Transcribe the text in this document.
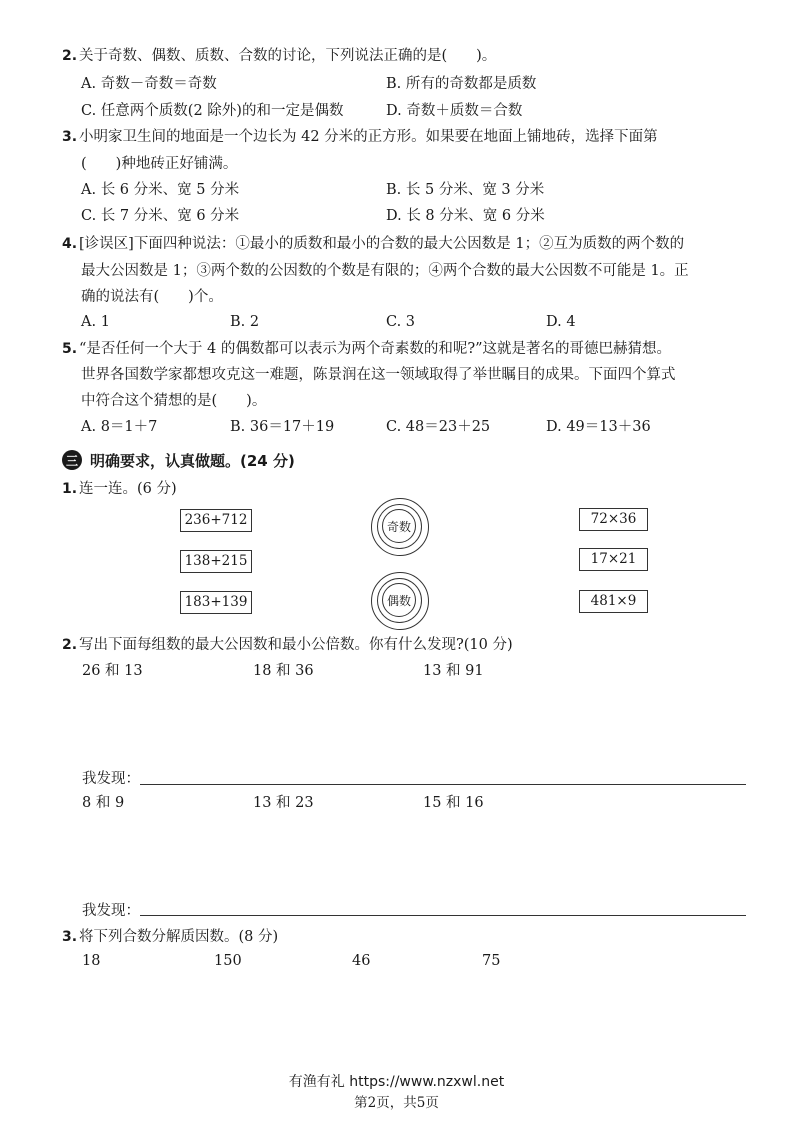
2. 关于奇数、偶数、质数、合数的讨论，下列说法正确的是(　　)。
A. 奇数－奇数＝奇数	B. 所有的奇数都是质数
C. 任意两个质数(2 除外)的和一定是偶数	D. 奇数＋质数＝合数
3. 小明家卫生间的地面是一个边长为 42 分米的正方形。如果要在地面上铺地砖，选择下面第
(　　)种地砖正好铺满。
A. 长 6 分米、宽 5 分米	B. 长 5 分米、宽 3 分米
C. 长 7 分米、宽 6 分米	D. 长 8 分米、宽 6 分米
4. [诊误区]下面四种说法：①最小的质数和最小的合数的最大公因数是 1；②互为质数的两个数的
最大公因数是 1；③两个数的公因数的个数是有限的；④两个合数的最大公因数不可能是 1。正
确的说法有(　　)个。
A. 1	B. 2	C. 3	D. 4
5. “是否任何一个大于 4 的偶数都可以表示为两个奇素数的和呢?”这就是著名的哥德巴赫猜想。
世界各国数学家都想攻克这一难题，陈景润在这一领域取得了举世瞩目的成果。下面四个算式
中符合这个猜想的是(　　)。
A. 8＝1＋7	B. 36＝17＋19	C. 48＝23＋25	D. 49＝13＋36
三 明确要求，认真做题。(24 分)
1. 连一连。(6 分)
236+712
138+215
183+139
奇数
偶数
72×36
17×21
481×9
2. 写出下面每组数的最大公因数和最小公倍数。你有什么发现?(10 分)
26 和 13	18 和 36	13 和 91
我发现：
8 和 9	13 和 23	15 和 16
我发现：
3. 将下列合数分解质因数。(8 分)
18	150	46	75
有渔有礼 https://www.nzxwl.net
第2页，共5页
